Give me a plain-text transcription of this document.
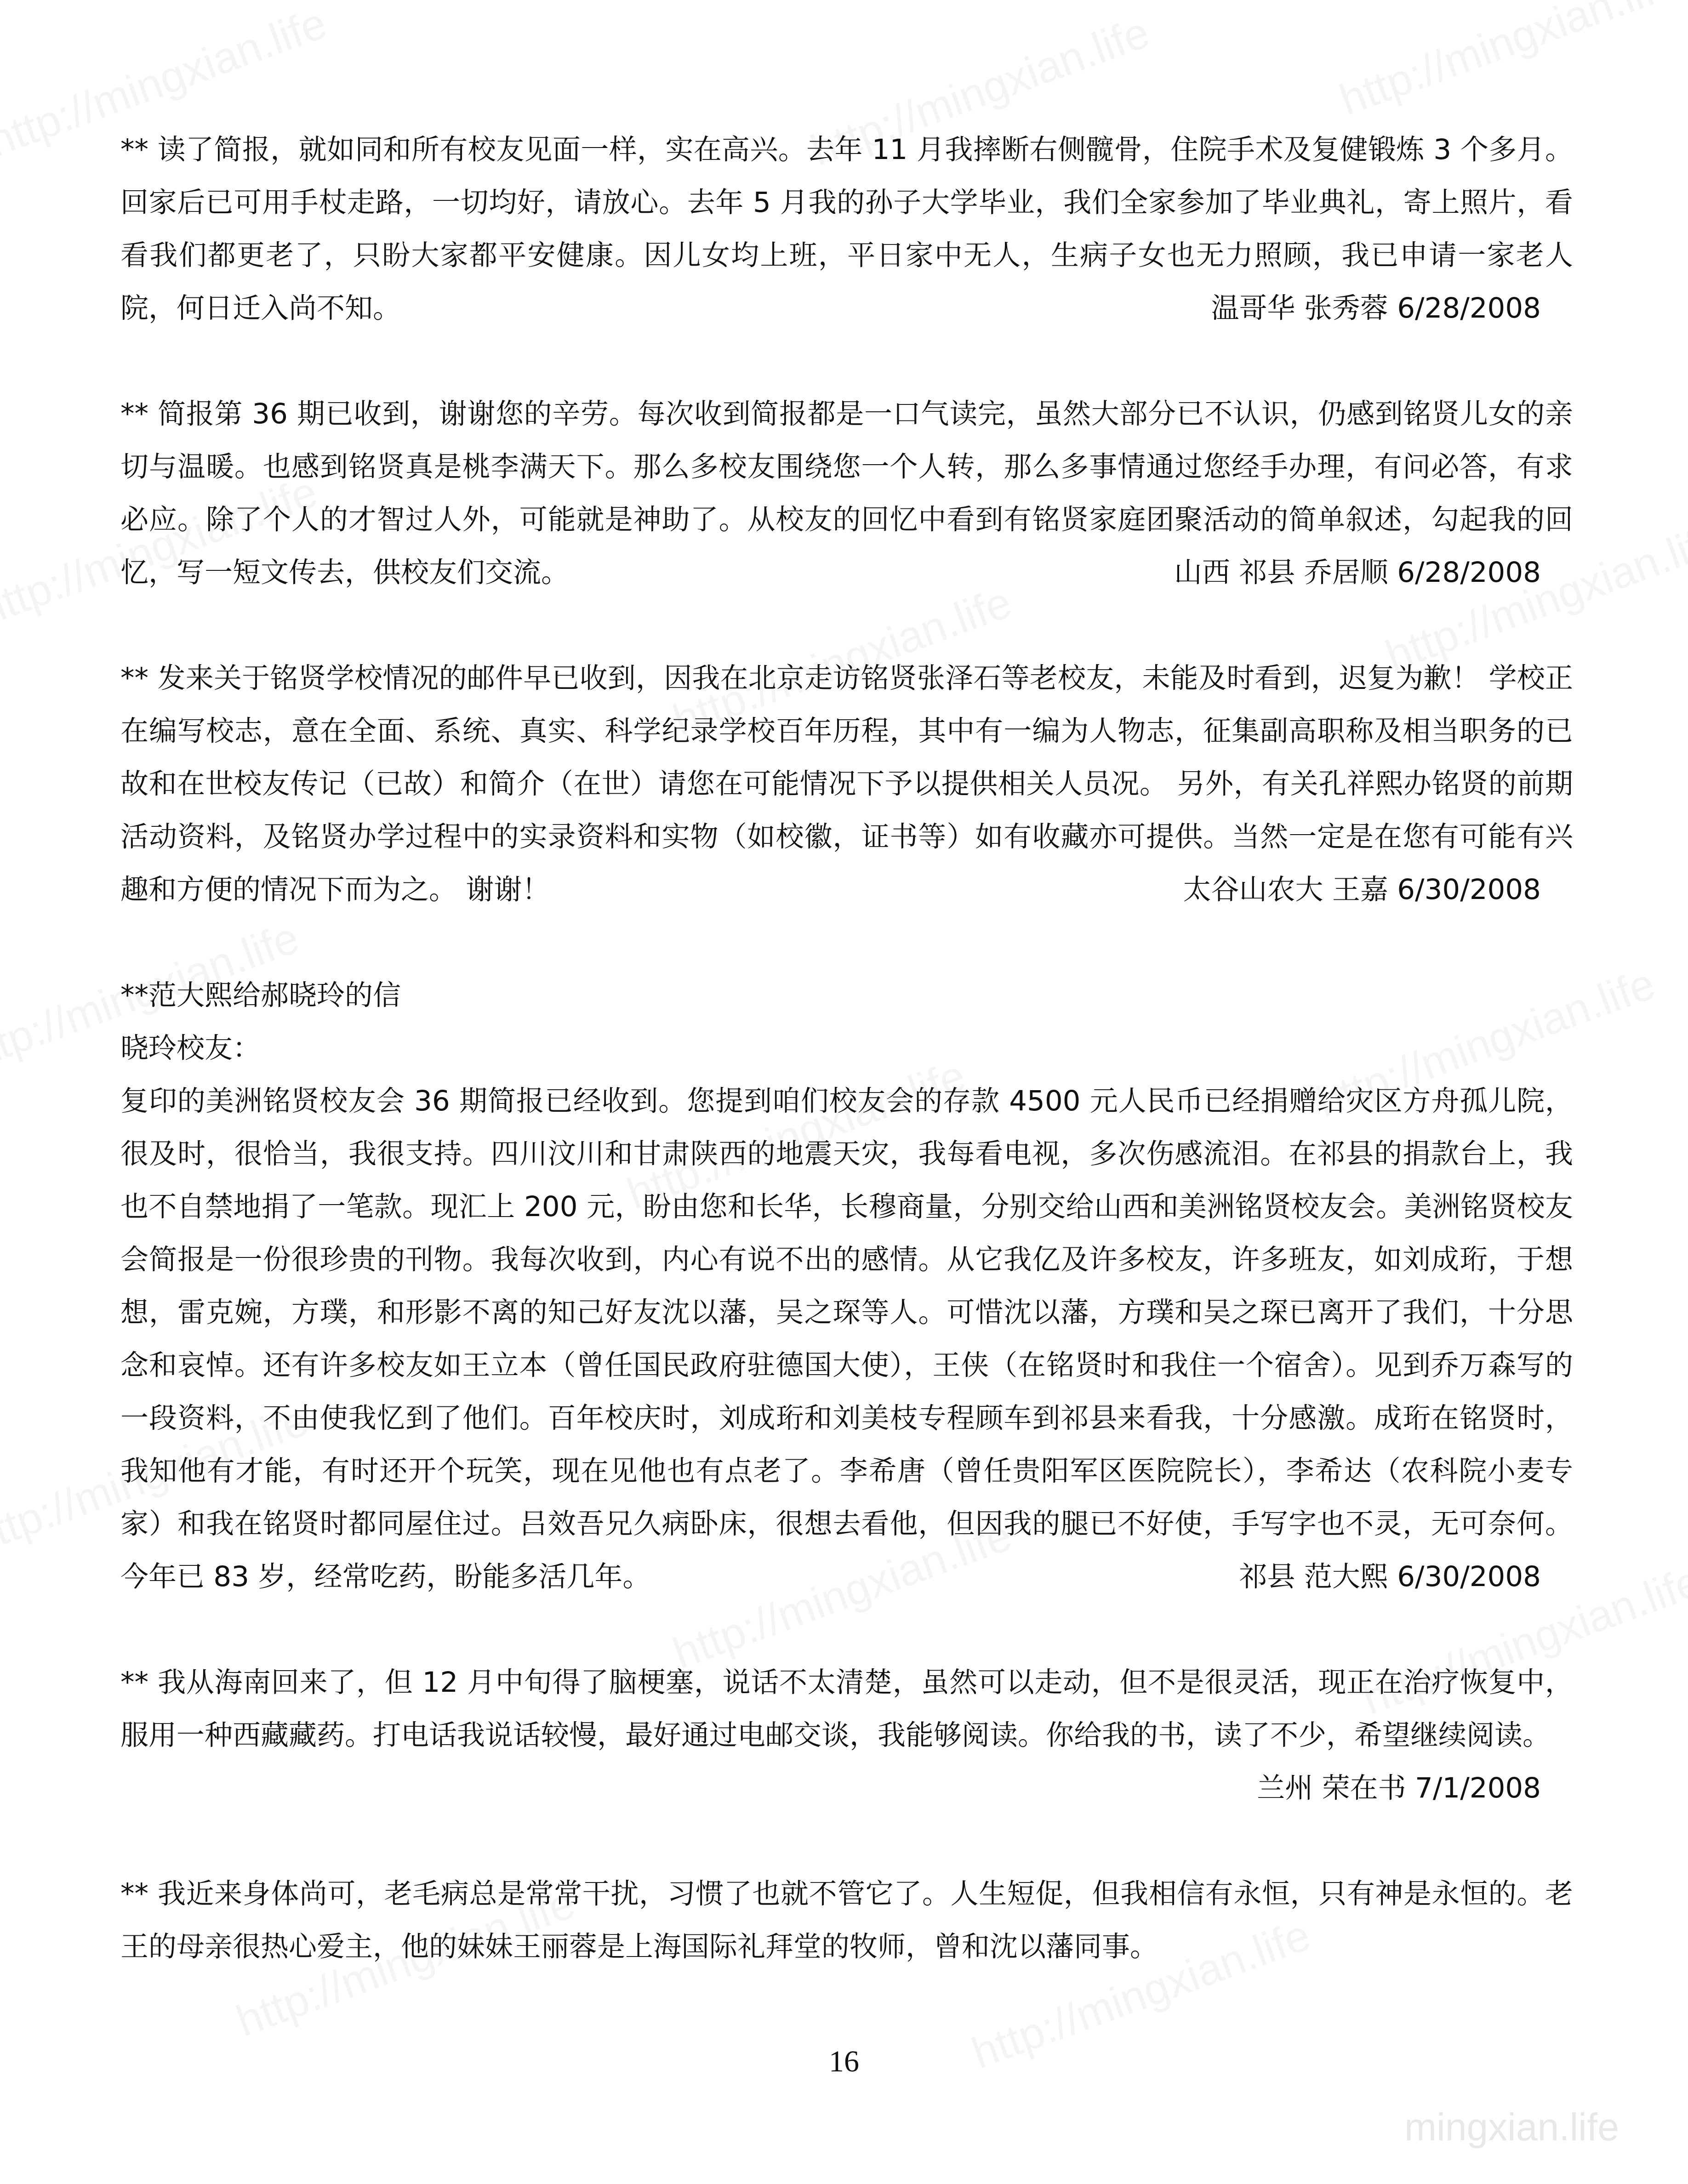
mingxian.life

** 读了简报，就如同和所有校友见面一样，实在高兴。去年 11 月我摔断右侧髋骨，住院手术及复健锻炼 3 个多月。回家后已可用手杖走路，一切均好，请放心。去年 5 月我的孙子大学毕业，我们全家参加了毕业典礼，寄上照片，看看我们都更老了，只盼大家都平安健康。因儿女均上班，平日家中无人，生病子女也无力照顾，我已申请一家老人院，何日迁入尚不知。	温哥华 张秀蓉 6/28/2008

** 简报第 36 期已收到，谢谢您的辛劳。每次收到简报都是一口气读完，虽然大部分已不认识，仍感到铭贤儿女的亲切与温暖。也感到铭贤真是桃李满天下。那么多校友围绕您一个人转，那么多事情通过您经手办理，有问必答，有求必应。除了个人的才智过人外，可能就是神助了。从校友的回忆中看到有铭贤家庭团聚活动的简单叙述，勾起我的回忆，写一短文传去，供校友们交流。	山西 祁县 乔居顺 6/28/2008

** 发来关于铭贤学校情况的邮件早已收到，因我在北京走访铭贤张泽石等老校友，未能及时看到，迟复为歉！ 学校正在编写校志，意在全面、系统、真实、科学纪录学校百年历程，其中有一编为人物志，征集副高职称及相当职务的已故和在世校友传记（已故）和简介（在世）请您在可能情况下予以提供相关人员况。 另外，有关孔祥熙办铭贤的前期活动资料，及铭贤办学过程中的实录资料和实物（如校徽，证书等）如有收藏亦可提供。当然一定是在您有可能有兴趣和方便的情况下而为之。 谢谢！	太谷山农大 王嘉 6/30/2008

**范大熙给郝晓玲的信

晓玲校友：

复印的美洲铭贤校友会 36 期简报已经收到。您提到咱们校友会的存款 4500 元人民币已经捐赠给灾区方舟孤儿院，很及时，很恰当，我很支持。四川汶川和甘肃陕西的地震天灾，我每看电视，多次伤感流泪。在祁县的捐款台上，我也不自禁地捐了一笔款。现汇上 200 元，盼由您和长华，长穆商量，分别交给山西和美洲铭贤校友会。美洲铭贤校友会简报是一份很珍贵的刊物。我每次收到，内心有说不出的感情。从它我亿及许多校友，许多班友，如刘成珩，于想想，雷克婉，方璞，和形影不离的知己好友沈以藩，吴之琛等人。可惜沈以藩，方璞和吴之琛已离开了我们，十分思念和哀悼。还有许多校友如王立本（曾任国民政府驻德国大使），王侠（在铭贤时和我住一个宿舍）。见到乔万森写的一段资料，不由使我忆到了他们。百年校庆时，刘成珩和刘美枝专程顾车到祁县来看我，十分感激。成珩在铭贤时，我知他有才能，有时还开个玩笑，现在见他也有点老了。李希唐（曾任贵阳军区医院院长），李希达（农科院小麦专家）和我在铭贤时都同屋住过。吕效吾兄久病卧床，很想去看他，但因我的腿已不好使，手写字也不灵，无可奈何。今年已 83 岁，经常吃药，盼能多活几年。	祁县 范大熙 6/30/2008

** 我从海南回来了，但 12 月中旬得了脑梗塞，说话不太清楚，虽然可以走动，但不是很灵活，现正在治疗恢复中，服用一种西藏藏药。打电话我说话较慢，最好通过电邮交谈，我能够阅读。你给我的书，读了不少，希望继续阅读。
兰州 荣在书 7/1/2008

** 我近来身体尚可，老毛病总是常常干扰，习惯了也就不管它了。人生短促，但我相信有永恒，只有神是永恒的。老王的母亲很热心爱主，他的妹妹王丽蓉是上海国际礼拜堂的牧师，曾和沈以藩同事。

16
